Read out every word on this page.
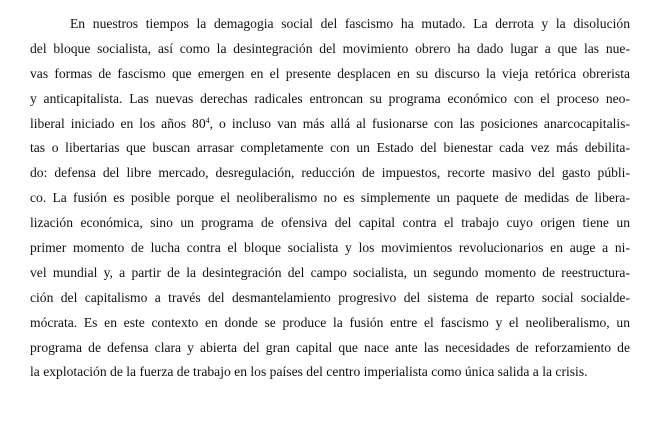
En nuestros tiempos la demagogia social del fascismo ha mutado. La derrota y la disolución
del bloque socialista, así como la desintegración del movimiento obrero ha dado lugar a que las nue-
vas formas de fascismo que emergen en el presente desplacen en su discurso la vieja retórica obrerista
y anticapitalista. Las nuevas derechas radicales entroncan su programa económico con el proceso neo-
liberal iniciado en los años $80^4$, o incluso van más allá al fusionarse con las posiciones anarcocapitalis-
tas o libertarias que buscan arrasar completamente con un Estado del bienestar cada vez más debilita-
do: defensa del libre mercado, desregulación, reducción de impuestos, recorte masivo del gasto públi-
co. La fusión es posible porque el neoliberalismo no es simplemente un paquete de medidas de libera-
lización económica, sino un programa de ofensiva del capital contra el trabajo cuyo origen tiene un
primer momento de lucha contra el bloque socialista y los movimientos revolucionarios en auge a ni-
vel mundial y, a partir de la desintegración del campo socialista, un segundo momento de reestructura-
ción del capitalismo a través del desmantelamiento progresivo del sistema de reparto social socialde-
mócrata. Es en este contexto en donde se produce la fusión entre el fascismo y el neoliberalismo, un
programa de defensa clara y abierta del gran capital que nace ante las necesidades de reforzamiento de
la explotación de la fuerza de trabajo en los países del centro imperialista como única salida a la crisis.
